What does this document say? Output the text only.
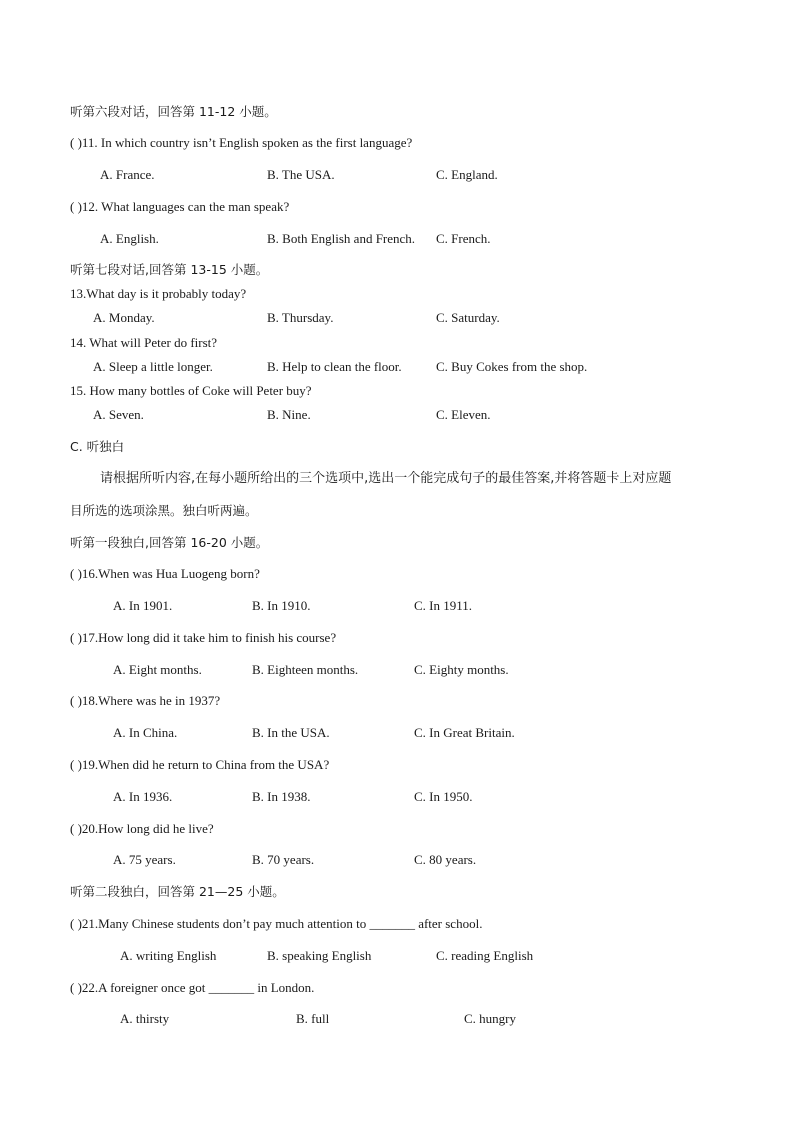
听第六段对话，回答第 11-12 小题。
( )11. In which country isn’t English spoken as the first language?
A. France.	B. The USA.	C. England.
( )12. What languages can the man speak?
A. English.	B. Both English and French. C. French.
听第七段对话,回答第 13-15 小题。
13.What day is it probably today?
A. Monday.	B. Thursday.	C. Saturday.
14. What will Peter do first?
A. Sleep a little longer.	B. Help to clean the floor.	C. Buy Cokes from the shop.
15. How many bottles of Coke will Peter buy?
A. Seven.	B. Nine.	C. Eleven.
C. 听独白
请根据所听内容,在每小题所给出的三个选项中,选出一个能完成句子的最佳答案,并将答题卡上对应题
目所选的选项涂黑。独白听两遍。
听第一段独白,回答第 16-20 小题。
( )16.When was Hua Luogeng born?
A. In 1901.	B. In 1910.	C. In 1911.
( )17.How long did it take him to finish his course?
A. Eight months.	B. Eighteen months.	C. Eighty months.
( )18.Where was he in 1937?
A. In China.	B. In the USA.	C. In Great Britain.
( )19.When did he return to China from the USA?
A. In 1936.	B. In 1938.	C. In 1950.
( )20.How long did he live?
A. 75 years.	B. 70 years.	C. 80 years.
听第二段独白，回答第 21—25 小题。
( )21.Many Chinese students don’t pay much attention to _______ after school.
A. writing English	B. speaking English	C. reading English
( )22.A foreigner once got _______ in London.
A. thirsty	B. full	C. hungry
